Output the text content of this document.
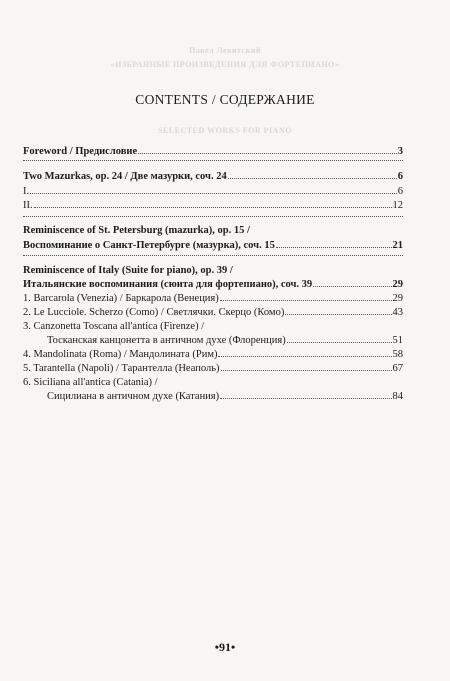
Павел Левитский
«ИЗБРАННЫЕ ПРОИЗВЕДЕНИЯ ДЛЯ ФОРТЕПИАНО»
SELECTED WORKS FOR PIANO
CONTENTS / СОДЕРЖАНИЕ
Foreword / Предисловие	3
Two Mazurkas, op. 24 / Две мазурки, соч. 24	6
I.	6
II.	12
Reminiscence of St. Petersburg (mazurka), op. 15 /
Воспоминание о Санкт-Петербурге (мазурка), соч. 15	21
Reminiscence of Italy (Suite for piano), op. 39 /
Итальянские воспоминания (сюита для фортепиано), соч. 39	29
1. Barcarola (Venezia) / Баркарола (Венеция)	29
2. Le Lucciole. Scherzo (Como) / Светлячки. Скерцо (Комо)	43
3. Canzonetta Toscana all'antica (Firenze) /
Тосканская канцонетта в античном духе (Флоренция)	51
4. Mandolinata (Roma) / Мандолината (Рим)	58
5. Tarantella (Napoli) / Тарантелла (Неаполь)	67
6. Siciliana all'antica (Catania) /
Сицилиана в античном духе (Катания)	84
•91•
